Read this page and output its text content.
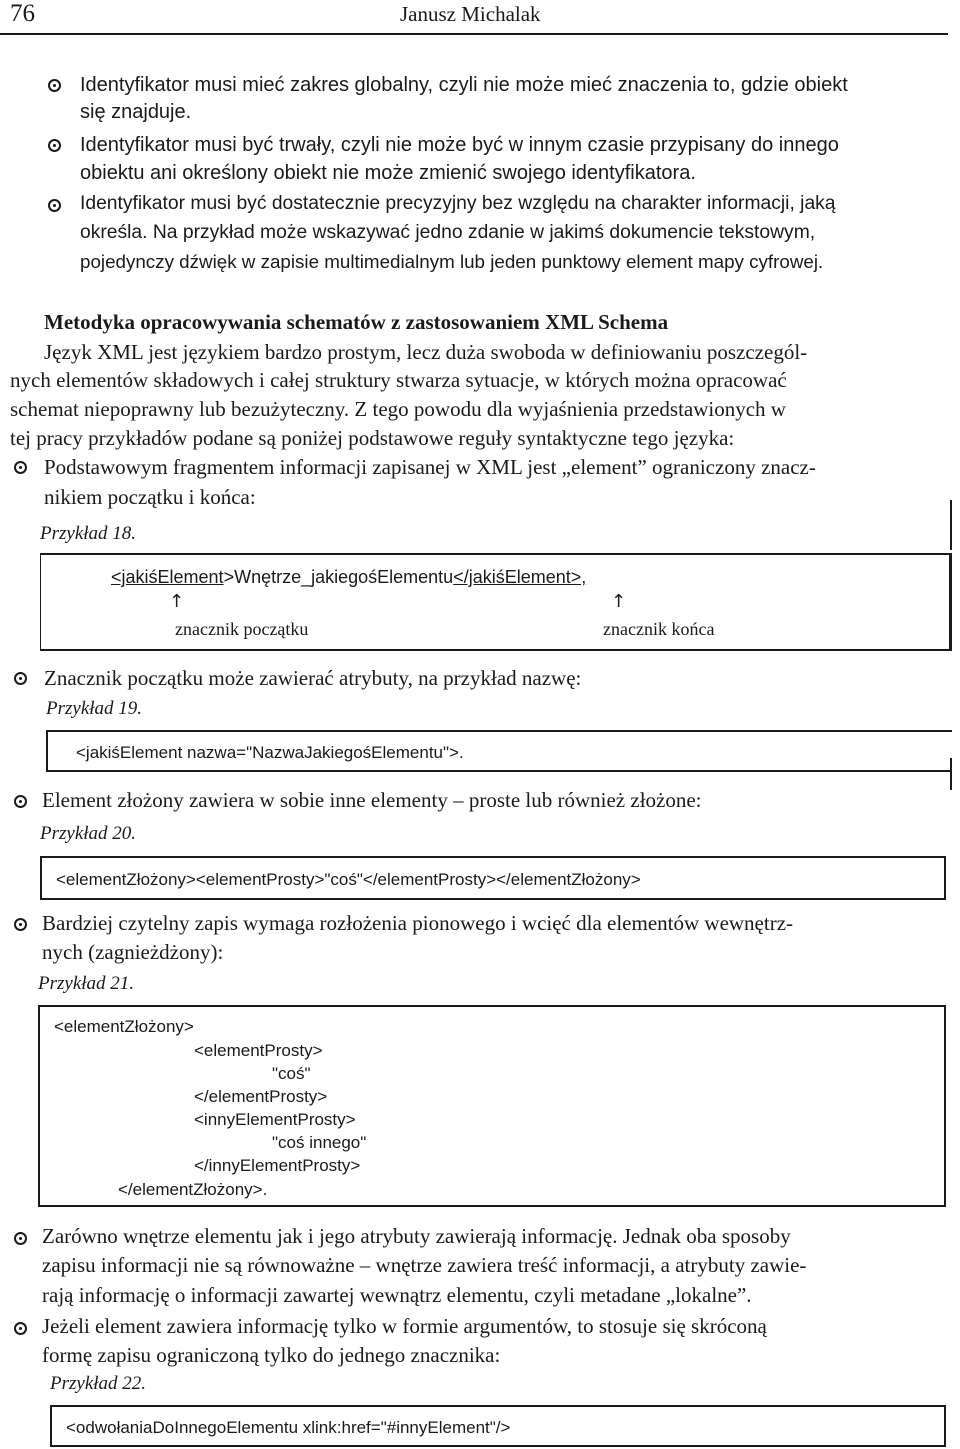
76	Janusz Michalak
Identyfikator musi mieć zakres globalny, czyli nie może mieć znaczenia to, gdzie obiekt
się znajduje.
Identyfikator musi być trwały, czyli nie może być w innym czasie przypisany do innego
obiektu ani określony obiekt nie może zmienić swojego identyfikatora.
Identyfikator musi być dostatecznie precyzyjny bez względu na charakter informacji, jaką
określa. Na przykład może wskazywać jedno zdanie w jakimś dokumencie tekstowym,
pojedynczy dźwięk w zapisie multimedialnym lub jeden punktowy element mapy cyfrowej.
Metodyka opracowywania schematów z zastosowaniem XML Schema
Język XML jest językiem bardzo prostym, lecz duża swoboda w definiowaniu poszczegól-
nych elementów składowych i całej struktury stwarza sytuacje, w których można opracować
schemat niepoprawny lub bezużyteczny. Z tego powodu dla wyjaśnienia przedstawionych w
tej pracy przykładów podane są poniżej podstawowe reguły syntaktyczne tego języka:
Podstawowym fragmentem informacji zapisanej w XML jest „element” ograniczony znacz-
nikiem początku i końca:
Przykład 18.
<jakiśElement>Wnętrze_jakiegośElementu</jakiśElement>,
↑	↑
znacznik początku	znacznik końca
Znacznik początku może zawierać atrybuty, na przykład nazwę:
Przykład 19.
<jakiśElement nazwa="NazwaJakiegośElementu">.
Element złożony zawiera w sobie inne elementy – proste lub również złożone:
Przykład 20.
<elementZłożony><elementProsty>"coś"</elementProsty></elementZłożony>
Bardziej czytelny zapis wymaga rozłożenia pionowego i wcięć dla elementów wewnętrz-
nych (zagnieżdżony):
Przykład 21.
<elementZłożony>
<elementProsty>
"coś"
</elementProsty>
<innyElementProsty>
"coś innego"
</innyElementProsty>
</elementZłożony>.
Zarówno wnętrze elementu jak i jego atrybuty zawierają informację. Jednak oba sposoby
zapisu informacji nie są równoważne – wnętrze zawiera treść informacji, a atrybuty zawie-
rają informację o informacji zawartej wewnątrz elementu, czyli metadane „lokalne”.
Jeżeli element zawiera informację tylko w formie argumentów, to stosuje się skróconą
formę zapisu ograniczoną tylko do jednego znacznika:
Przykład 22.
<odwołaniaDoInnegoElementu xlink:href="#innyElement"/>
